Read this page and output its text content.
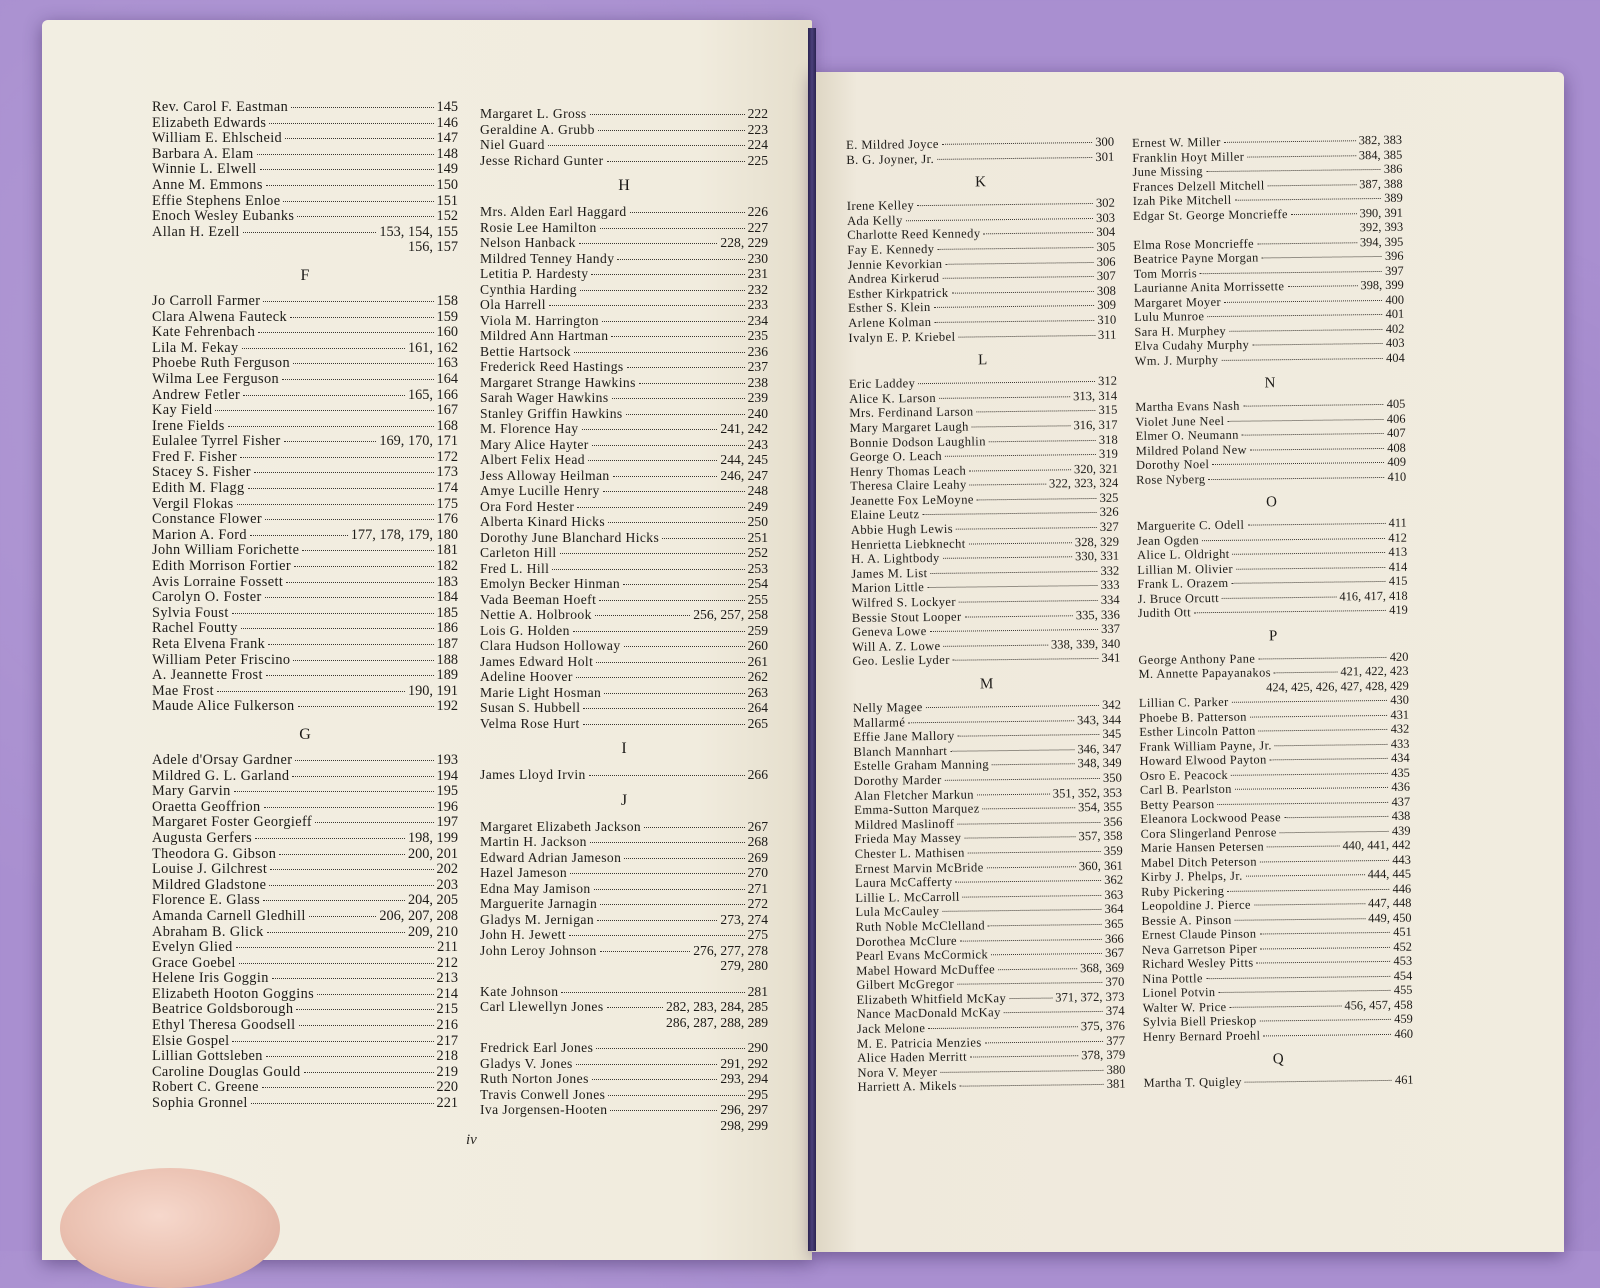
Rev. Carol F. Eastman	145
Elizabeth Edwards	146
William E. Ehlscheid	147
Barbara A. Elam	148
Winnie L. Elwell	149
Anne M. Emmons	150
Effie Stephens Enloe	151
Enoch Wesley Eubanks	152
Allan H. Ezell	153, 154, 155
156, 157
F
Jo Carroll Farmer	158
Clara Alwena Fauteck	159
Kate Fehrenbach	160
Lila M. Fekay	161, 162
Phoebe Ruth Ferguson	163
Wilma Lee Ferguson	164
Andrew Fetler	165, 166
Kay Field	167
Irene Fields	168
Eulalee Tyrrel Fisher	169, 170, 171
Fred F. Fisher	172
Stacey S. Fisher	173
Edith M. Flagg	174
Vergil Flokas	175
Constance Flower	176
Marion A. Ford	177, 178, 179, 180
John William Forichette	181
Edith Morrison Fortier	182
Avis Lorraine Fossett	183
Carolyn O. Foster	184
Sylvia Foust	185
Rachel Foutty	186
Reta Elvena Frank	187
William Peter Friscino	188
A. Jeannette Frost	189
Mae Frost	190, 191
Maude Alice Fulkerson	192
G
Adele d'Orsay Gardner	193
Mildred G. L. Garland	194
Mary Garvin	195
Oraetta Geoffrion	196
Margaret Foster Georgieff	197
Augusta Gerfers	198, 199
Theodora G. Gibson	200, 201
Louise J. Gilchrest	202
Mildred Gladstone	203
Florence E. Glass	204, 205
Amanda Carnell Gledhill	206, 207, 208
Abraham B. Glick	209, 210
Evelyn Glied	211
Grace Goebel	212
Helene Iris Goggin	213
Elizabeth Hooton Goggins	214
Beatrice Goldsborough	215
Ethyl Theresa Goodsell	216
Elsie Gospel	217
Lillian Gottsleben	218
Caroline Douglas Gould	219
Robert C. Greene	220
Sophia Gronnel	221
Margaret L. Gross	222
Geraldine A. Grubb	223
Niel Guard	224
Jesse Richard Gunter	225
H
Mrs. Alden Earl Haggard	226
Rosie Lee Hamilton	227
Nelson Hanback	228, 229
Mildred Tenney Handy	230
Letitia P. Hardesty	231
Cynthia Harding	232
Ola Harrell	233
Viola M. Harrington	234
Mildred Ann Hartman	235
Bettie Hartsock	236
Frederick Reed Hastings	237
Margaret Strange Hawkins	238
Sarah Wager Hawkins	239
Stanley Griffin Hawkins	240
M. Florence Hay	241, 242
Mary Alice Hayter	243
Albert Felix Head	244, 245
Jess Alloway Heilman	246, 247
Amye Lucille Henry	248
Ora Ford Hester	249
Alberta Kinard Hicks	250
Dorothy June Blanchard Hicks	251
Carleton Hill	252
Fred L. Hill	253
Emolyn Becker Hinman	254
Vada Beeman Hoeft	255
Nettie A. Holbrook	256, 257, 258
Lois G. Holden	259
Clara Hudson Holloway	260
James Edward Holt	261
Adeline Hoover	262
Marie Light Hosman	263
Susan S. Hubbell	264
Velma Rose Hurt	265
I
James Lloyd Irvin	266
J
Margaret Elizabeth Jackson	267
Martin H. Jackson	268
Edward Adrian Jameson	269
Hazel Jameson	270
Edna May Jamison	271
Marguerite Jarnagin	272
Gladys M. Jernigan	273, 274
John H. Jewett	275
John Leroy Johnson	276, 277, 278
279, 280
Kate Johnson	281
Carl Llewellyn Jones	282, 283, 284, 285
286, 287, 288, 289
Fredrick Earl Jones	290
Gladys V. Jones	291, 292
Ruth Norton Jones	293, 294
Travis Conwell Jones	295
Iva Jorgensen-Hooten	296, 297
298, 299
E. Mildred Joyce	300
B. G. Joyner, Jr.	301
K
Irene Kelley	302
Ada Kelly	303
Charlotte Reed Kennedy	304
Fay E. Kennedy	305
Jennie Kevorkian	306
Andrea Kirkerud	307
Esther Kirkpatrick	308
Esther S. Klein	309
Arlene Kolman	310
Ivalyn E. P. Kriebel	311
L
Eric Laddey	312
Alice K. Larson	313, 314
Mrs. Ferdinand Larson	315
Mary Margaret Laugh	316, 317
Bonnie Dodson Laughlin	318
George O. Leach	319
Henry Thomas Leach	320, 321
Theresa Claire Leahy	322, 323, 324
Jeanette Fox LeMoyne	325
Elaine Leutz	326
Abbie Hugh Lewis	327
Henrietta Liebknecht	328, 329
H. A. Lightbody	330, 331
James M. List	332
Marion Little	333
Wilfred S. Lockyer	334
Bessie Stout Looper	335, 336
Geneva Lowe	337
Will A. Z. Lowe	338, 339, 340
Geo. Leslie Lyder	341
M
Nelly Magee	342
Mallarmé	343, 344
Effie Jane Mallory	345
Blanch Mannhart	346, 347
Estelle Graham Manning	348, 349
Dorothy Marder	350
Alan Fletcher Markun	351, 352, 353
Emma-Sutton Marquez	354, 355
Mildred Maslinoff	356
Frieda May Massey	357, 358
Chester L. Mathisen	359
Ernest Marvin McBride	360, 361
Laura McCafferty	362
Lillie L. McCarroll	363
Lula McCauley	364
Ruth Noble McClelland	365
Dorothea McClure	366
Pearl Evans McCormick	367
Mabel Howard McDuffee	368, 369
Gilbert McGregor	370
Elizabeth Whitfield McKay	371, 372, 373
Nance MacDonald McKay	374
Jack Melone	375, 376
M. E. Patricia Menzies	377
Alice Haden Merritt	378, 379
Nora V. Meyer	380
Harriett A. Mikels	381
Ernest W. Miller	382, 383
Franklin Hoyt Miller	384, 385
June Missing	386
Frances Delzell Mitchell	387, 388
Izah Pike Mitchell	389
Edgar St. George Moncrieffe	390, 391
392, 393
Elma Rose Moncrieffe	394, 395
Beatrice Payne Morgan	396
Tom Morris	397
Laurianne Anita Morrissette	398, 399
Margaret Moyer	400
Lulu Munroe	401
Sara H. Murphey	402
Elva Cudahy Murphy	403
Wm. J. Murphy	404
N
Martha Evans Nash	405
Violet June Neel	406
Elmer O. Neumann	407
Mildred Poland New	408
Dorothy Noel	409
Rose Nyberg	410
O
Marguerite C. Odell	411
Jean Ogden	412
Alice L. Oldright	413
Lillian M. Olivier	414
Frank L. Orazem	415
J. Bruce Orcutt	416, 417, 418
Judith Ott	419
P
George Anthony Pane	420
M. Annette Papayanakos	421, 422, 423
424, 425, 426, 427, 428, 429
Lillian C. Parker	430
Phoebe B. Patterson	431
Esther Lincoln Patton	432
Frank William Payne, Jr.	433
Howard Elwood Payton	434
Osro E. Peacock	435
Carl B. Pearlston	436
Betty Pearson	437
Eleanora Lockwood Pease	438
Cora Slingerland Penrose	439
Marie Hansen Petersen	440, 441, 442
Mabel Ditch Peterson	443
Kirby J. Phelps, Jr.	444, 445
Ruby Pickering	446
Leopoldine J. Pierce	447, 448
Bessie A. Pinson	449, 450
Ernest Claude Pinson	451
Neva Garretson Piper	452
Richard Wesley Pitts	453
Nina Pottle	454
Lionel Potvin	455
Walter W. Price	456, 457, 458
Sylvia Biell Prieskop	459
Henry Bernard Proehl	460
Q
Martha T. Quigley	461
iv
